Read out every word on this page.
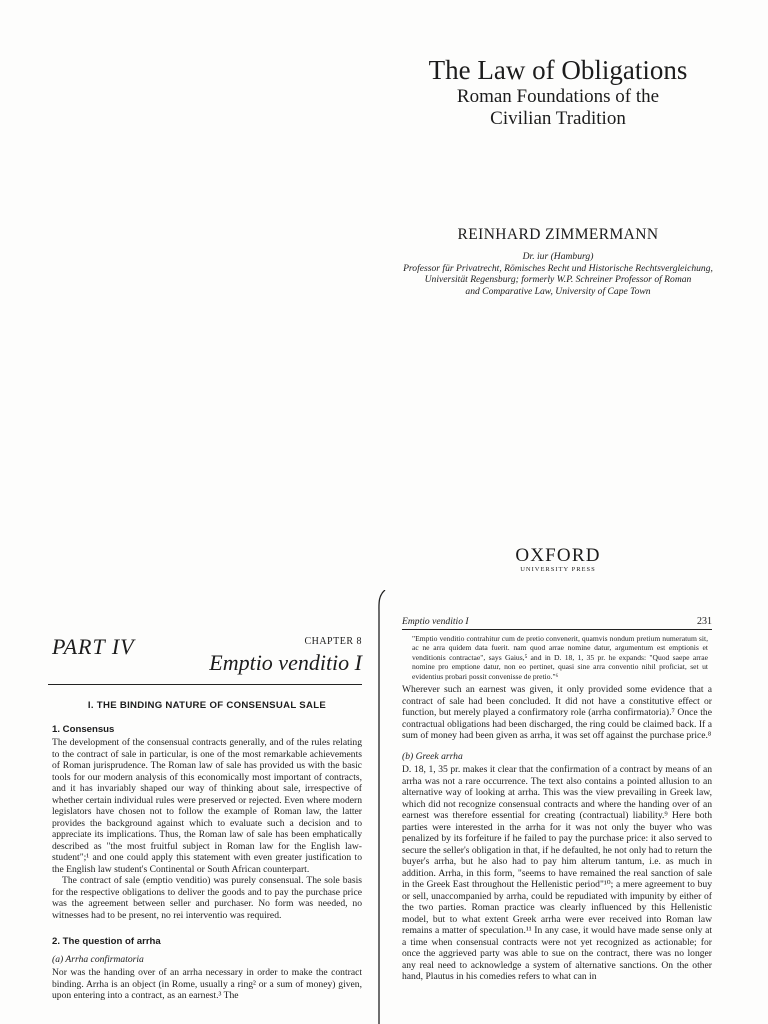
The Law of Obligations
Roman Foundations of the
Civilian Tradition
REINHARD ZIMMERMANN
Dr. iur (Hamburg)
Professor für Privatrecht, Römisches Recht und Historische Rechtsvergleichung,
Universität Regensburg; formerly W.P. Schreiner Professor of Roman
and Comparative Law, University of Cape Town
OXFORD
UNIVERSITY PRESS
PART IV	CHAPTER 8
Emptio venditio I
I. THE BINDING NATURE OF CONSENSUAL SALE
1. Consensus

The development of the consensual contracts generally, and of the rules relating to the contract of sale in particular, is one of the most remarkable achievements of Roman jurisprudence. The Roman law of sale has provided us with the basic tools for our modern analysis of this economically most important of contracts, and it has invariably shaped our way of thinking about sale, irrespective of whether certain individual rules were preserved or rejected. Even where modern legislators have chosen not to follow the example of Roman law, the latter provides the background against which to evaluate such a decision and to appreciate its implications. Thus, the Roman law of sale has been emphatically described as "the most fruitful subject in Roman law for the English law-student";¹ and one could apply this statement with even greater justification to the English law student's Continental or South African counterpart.

The contract of sale (emptio venditio) was purely consensual. The sole basis for the respective obligations to deliver the goods and to pay the purchase price was the agreement between seller and purchaser. No form was needed, no witnesses had to be present, no rei interventio was required.

2. The question of arrha
(a) Arrha confirmatoria

Nor was the handing over of an arrha necessary in order to make the contract binding. Arrha is an object (in Rome, usually a ring² or a sum of money) given, upon entering into a contract, as an earnest.³ The

Emptio venditio I	231

"Emptio venditio contrahitur cum de pretio convenerit, quamvis nondum pretium numeratum sit, ac ne arra quidem data fuerit. nam quod arrae nomine datur, argumentum est emptionis et venditionis contractae", says Gaius,⁵ and in D. 18, 1, 35 pr. he expands: "Quod saepe arrae nomine pro emptione datur, non eo pertinet, quasi sine arra conventio nihil proficiat, set ut evidentius probari possit convenisse de pretio."⁶

Wherever such an earnest was given, it only provided some evidence that a contract of sale had been concluded. It did not have a constitutive effect or function, but merely played a confirmatory role (arrha confirmatoria).⁷ Once the contractual obligations had been discharged, the ring could be claimed back. If a sum of money had been given as arrha, it was set off against the purchase price.⁸

(b) Greek arrha

D. 18, 1, 35 pr. makes it clear that the confirmation of a contract by means of an arrha was not a rare occurrence. The text also contains a pointed allusion to an alternative way of looking at arrha. This was the view prevailing in Greek law, which did not recognize consensual contracts and where the handing over of an earnest was therefore essential for creating (contractual) liability.⁹ Here both parties were interested in the arrha for it was not only the buyer who was penalized by its forfeiture if he failed to pay the purchase price: it also served to secure the seller's obligation in that, if he defaulted, he not only had to return the buyer's arrha, but he also had to pay him alterum tantum, i.e. as much in addition. Arrha, in this form, "seems to have remained the real sanction of sale in the Greek East throughout the Hellenistic period"¹⁰; a mere agreement to buy or sell, unaccompanied by arrha, could be repudiated with impunity by either of the two parties. Roman practice was clearly influenced by this Hellenistic model, but to what extent Greek arrha were ever received into Roman law remains a matter of speculation.¹¹ In any case, it would have made sense only at a time when consensual contracts were not yet recognized as actionable; for once the aggrieved party was able to sue on the contract, there was no longer any real need to acknowledge a system of alternative sanctions. On the other hand, Plautus in his comedies refers to what can in
